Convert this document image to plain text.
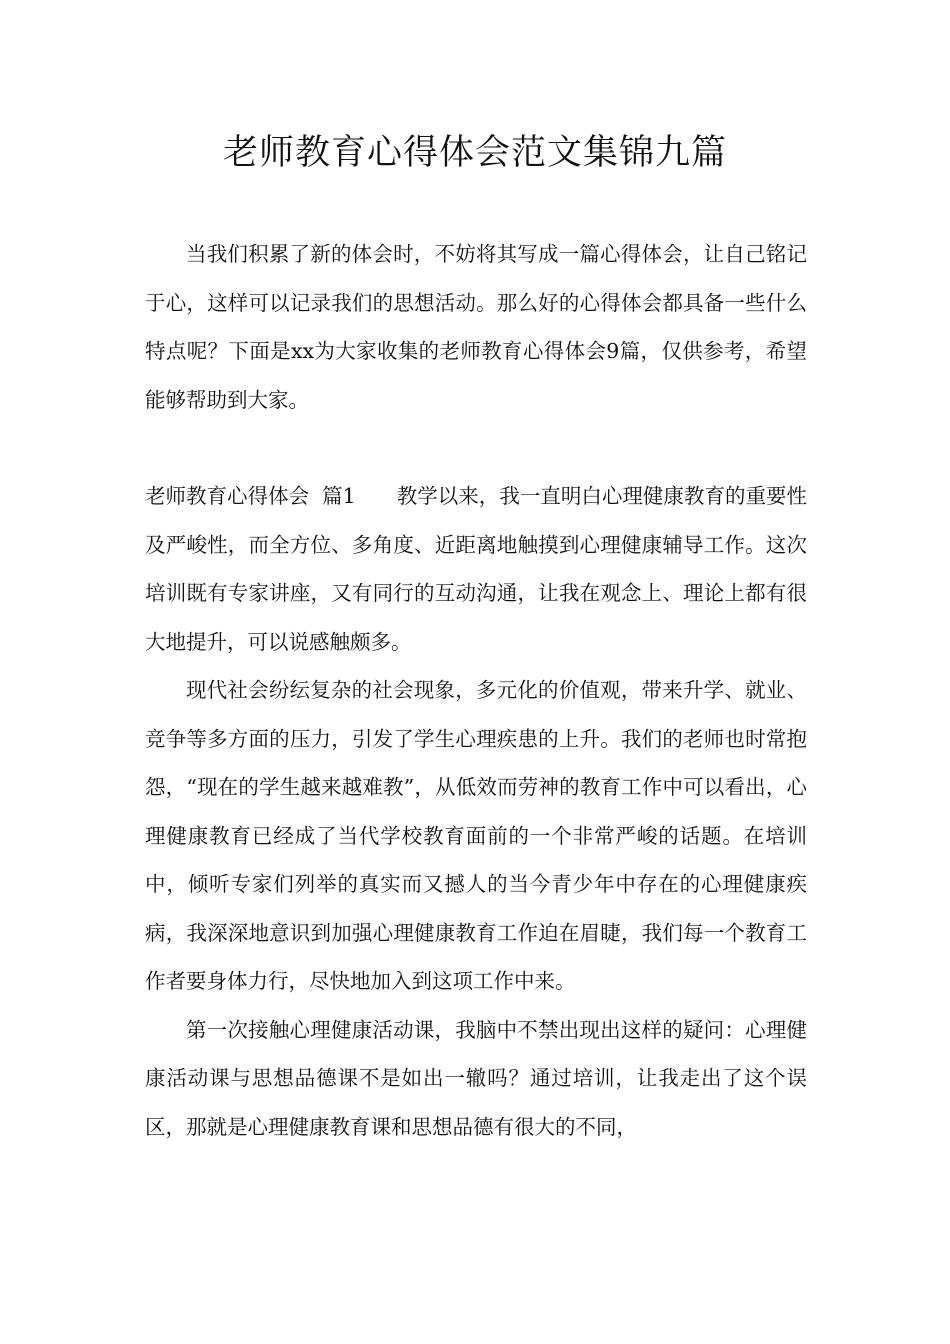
老师教育心得体会范文集锦九篇

当我们积累了新的体会时，不妨将其写成一篇心得体会，让自己铭记于心，这样可以记录我们的思想活动。那么好的心得体会都具备一些什么特点呢？下面是xx为大家收集的老师教育心得体会9篇，仅供参考，希望能够帮助到大家。

老师教育心得体会  篇1   教学以来，我一直明白心理健康教育的重要性及严峻性，而全方位、多角度、近距离地触摸到心理健康辅导工作。这次培训既有专家讲座，又有同行的互动沟通，让我在观念上、理论上都有很大地提升，可以说感触颇多。

现代社会纷纭复杂的社会现象，多元化的价值观，带来升学、就业、竞争等多方面的压力，引发了学生心理疾患的上升。我们的老师也时常抱怨，“现在的学生越来越难教”，从低效而劳神的教育工作中可以看出，心理健康教育已经成了当代学校教育面前的一个非常严峻的话题。在培训中，倾听专家们列举的真实而又撼人的当今青少年中存在的心理健康疾病，我深深地意识到加强心理健康教育工作迫在眉睫，我们每一个教育工作者要身体力行，尽快地加入到这项工作中来。

第一次接触心理健康活动课，我脑中不禁出现出这样的疑问：心理健康活动课与思想品德课不是如出一辙吗？通过培训，让我走出了这个误区，那就是心理健康教育课和思想品德有很大的不同，
